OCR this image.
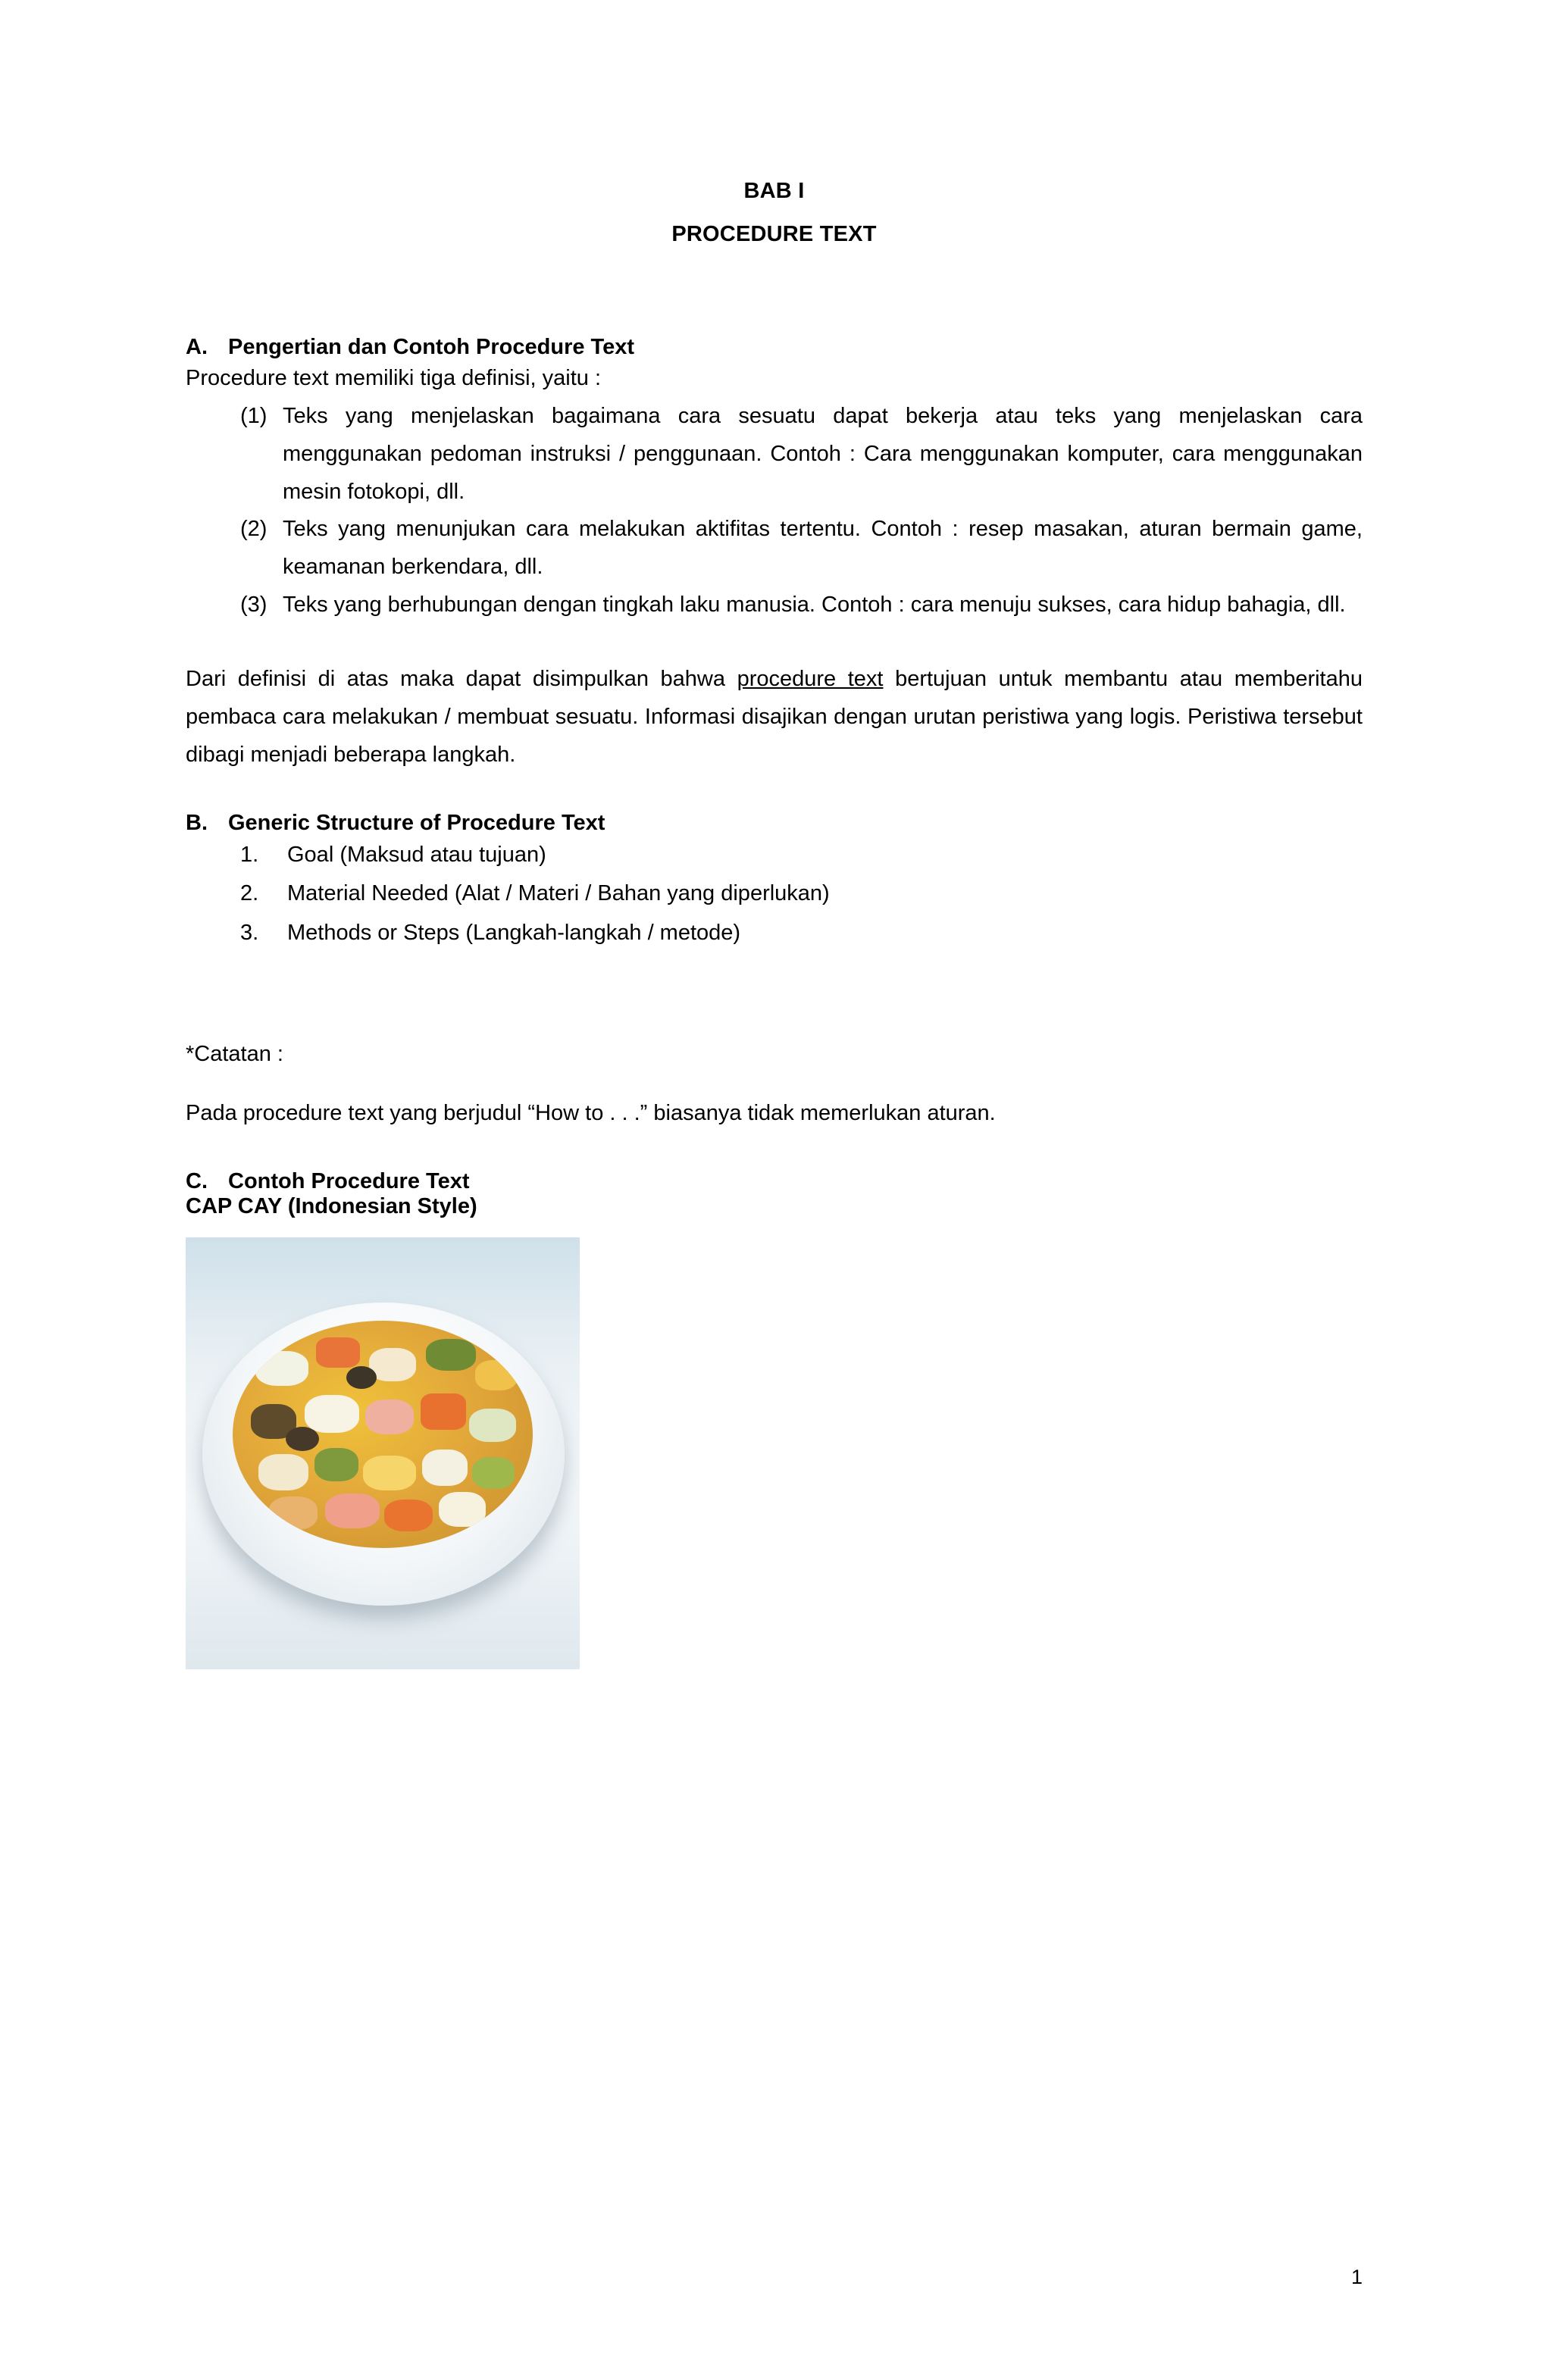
BAB I
PROCEDURE TEXT
A. Pengertian dan Contoh Procedure Text
Procedure text memiliki tiga definisi, yaitu :
(1) Teks yang menjelaskan bagaimana cara sesuatu dapat bekerja atau teks yang menjelaskan cara menggunakan pedoman instruksi / penggunaan. Contoh : Cara menggunakan komputer, cara menggunakan mesin fotokopi, dll.
(2) Teks yang menunjukan cara melakukan aktifitas tertentu. Contoh : resep masakan, aturan bermain game, keamanan berkendara, dll.
(3) Teks yang berhubungan dengan tingkah laku manusia. Contoh : cara menuju sukses, cara hidup bahagia, dll.
Dari definisi di atas maka dapat disimpulkan bahwa procedure text bertujuan untuk membantu atau memberitahu pembaca cara melakukan / membuat sesuatu. Informasi disajikan dengan urutan peristiwa yang logis. Peristiwa tersebut dibagi menjadi beberapa langkah.
B. Generic Structure of Procedure Text
1.	Goal (Maksud atau tujuan)
2.	Material Needed (Alat / Materi / Bahan yang diperlukan)
3.	Methods or Steps (Langkah-langkah / metode)
*Catatan :
Pada procedure text yang berjudul “How to . . .” biasanya tidak memerlukan aturan.
C. Contoh Procedure Text
CAP CAY (Indonesian Style)
1
